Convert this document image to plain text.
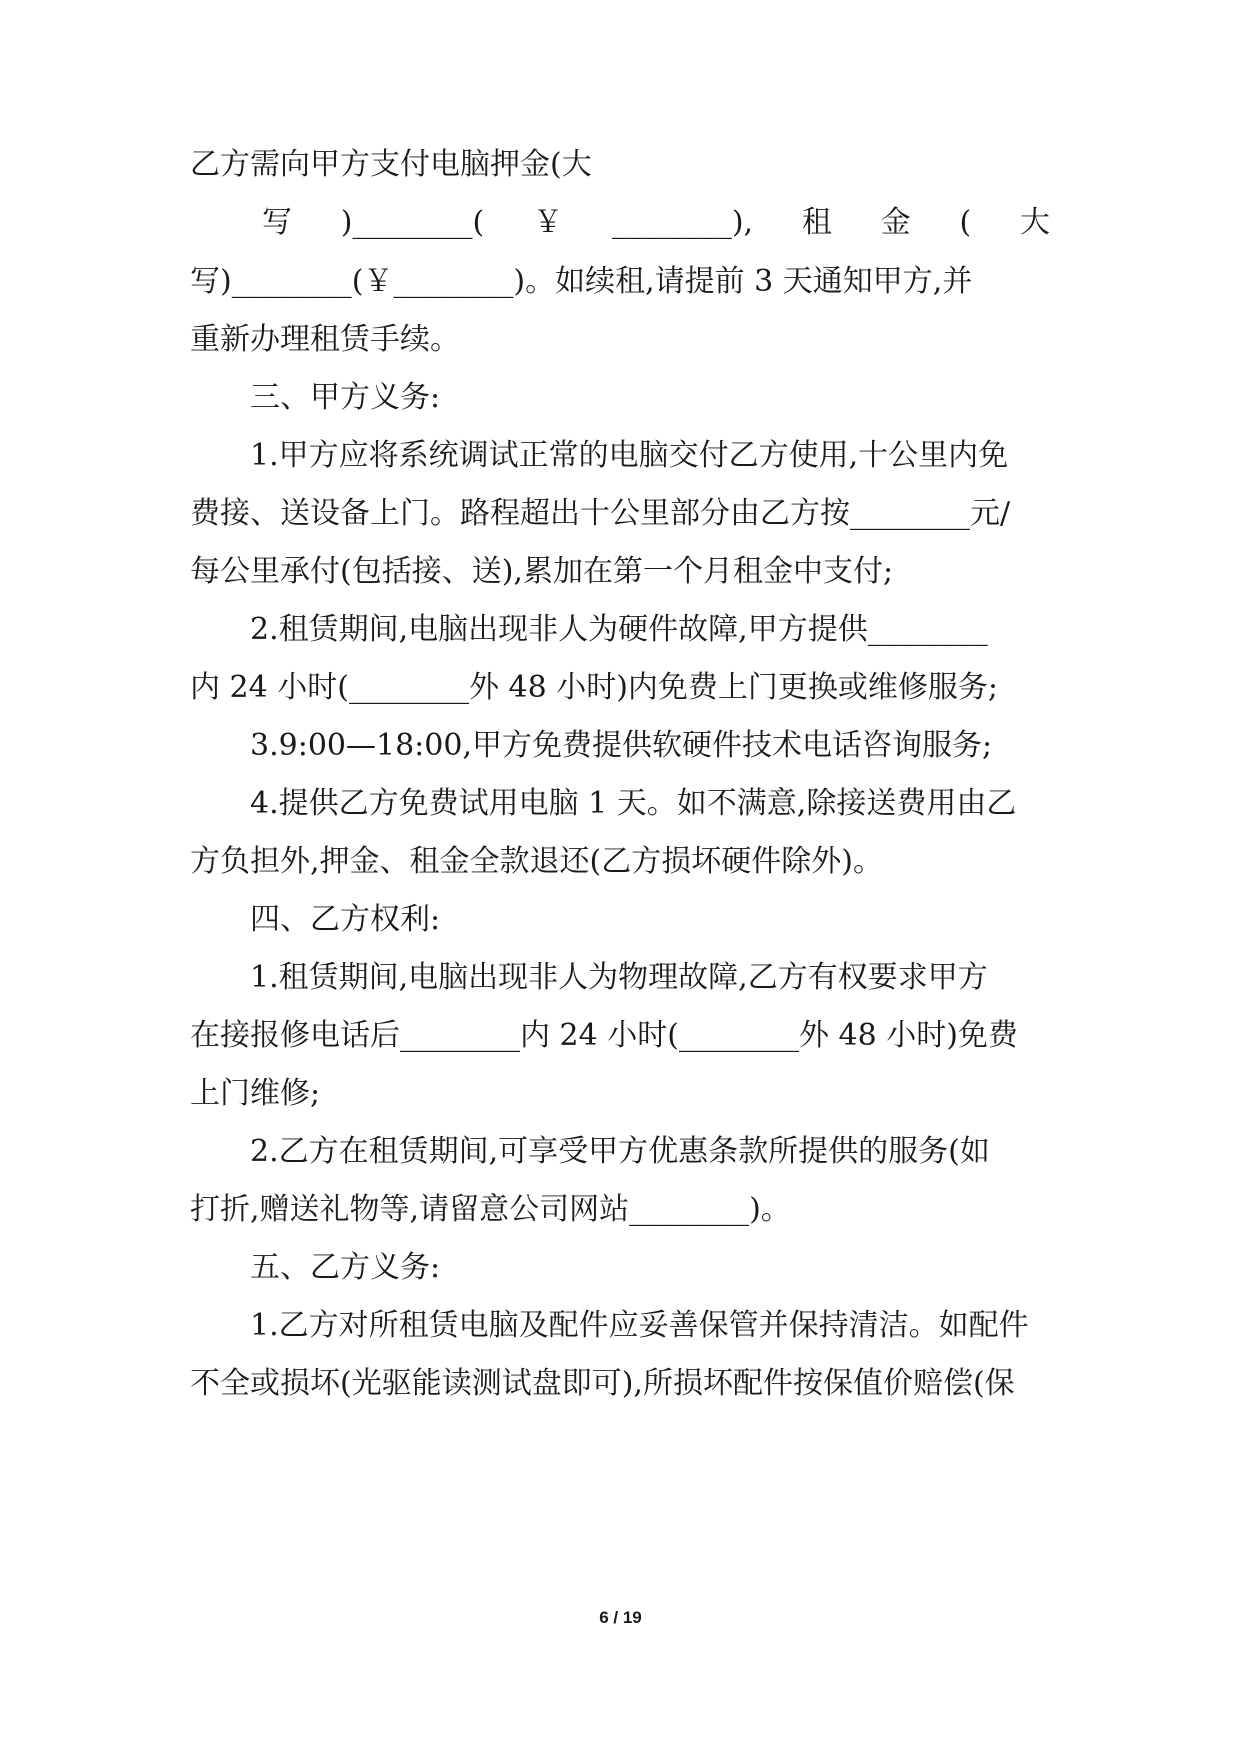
乙方需向甲方支付电脑押金(大
写 )________( ￥ ________), 租 金 ( 大
写)________(￥________)。如续租,请提前 3 天通知甲方,并
重新办理租赁手续。
三、甲方义务:
1.甲方应将系统调试正常的电脑交付乙方使用,十公里内免
费接、送设备上门。路程超出十公里部分由乙方按________元/
每公里承付(包括接、送),累加在第一个月租金中支付;
2.租赁期间,电脑出现非人为硬件故障,甲方提供________
内 24 小时(________外 48 小时)内免费上门更换或维修服务;
3.9:00—18:00,甲方免费提供软硬件技术电话咨询服务;
4.提供乙方免费试用电脑 1 天。如不满意,除接送费用由乙
方负担外,押金、租金全款退还(乙方损坏硬件除外)。
四、乙方权利:
1.租赁期间,电脑出现非人为物理故障,乙方有权要求甲方
在接报修电话后________内 24 小时(________外 48 小时)免费
上门维修;
2.乙方在租赁期间,可享受甲方优惠条款所提供的服务(如
打折,赠送礼物等,请留意公司网站________)。
五、乙方义务:
1.乙方对所租赁电脑及配件应妥善保管并保持清洁。如配件
不全或损坏(光驱能读测试盘即可),所损坏配件按保值价赔偿(保
6 / 19
